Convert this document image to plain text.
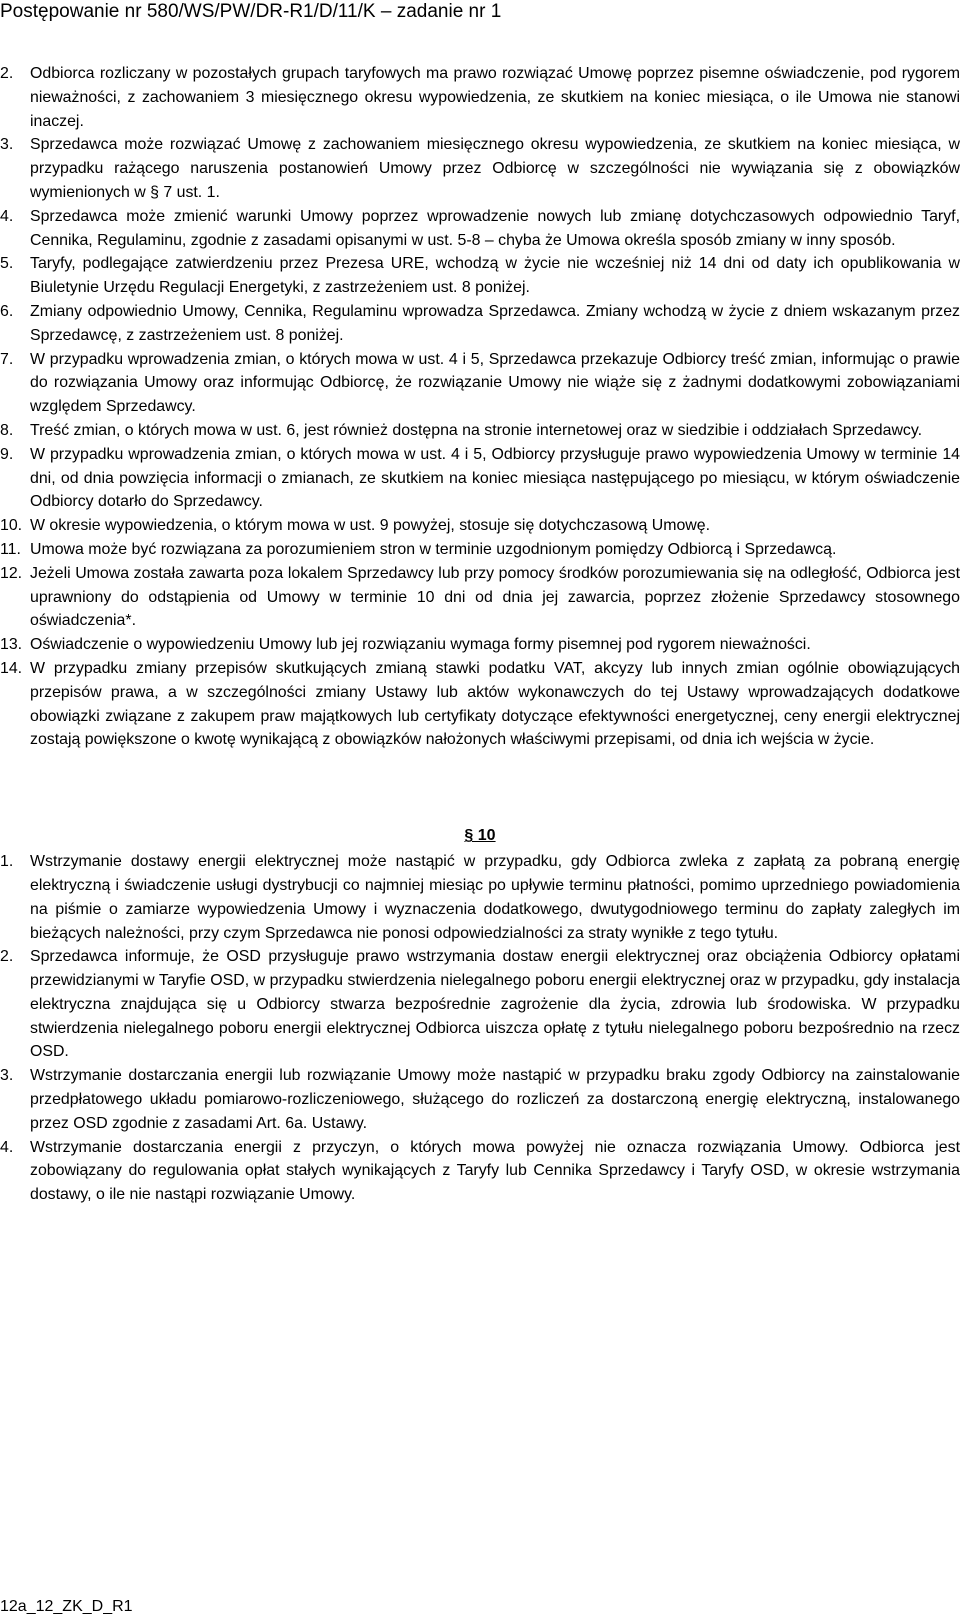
Postępowanie nr 580/WS/PW/DR-R1/D/11/K – zadanie nr 1
2.	Odbiorca rozliczany w pozostałych grupach taryfowych ma prawo rozwiązać Umowę poprzez pisemne oświadczenie, pod rygorem nieważności, z zachowaniem 3 miesięcznego okresu wypowiedzenia, ze skutkiem na koniec miesiąca, o ile Umowa nie stanowi inaczej.
3.	Sprzedawca może rozwiązać Umowę z zachowaniem miesięcznego okresu wypowiedzenia, ze skutkiem na koniec miesiąca, w przypadku rażącego naruszenia postanowień Umowy przez Odbiorcę w szczególności nie wywiązania się z obowiązków wymienionych w § 7 ust. 1.
4.	Sprzedawca może zmienić warunki Umowy poprzez wprowadzenie nowych lub zmianę dotychczasowych odpowiednio Taryf, Cennika, Regulaminu, zgodnie z zasadami opisanymi w ust. 5-8 – chyba że Umowa określa sposób zmiany w inny sposób.
5.	Taryfy, podlegające zatwierdzeniu przez Prezesa URE, wchodzą w życie nie wcześniej niż 14 dni od daty ich opublikowania w Biuletynie Urzędu Regulacji Energetyki, z zastrzeżeniem ust. 8 poniżej.
6.	Zmiany odpowiednio Umowy, Cennika, Regulaminu wprowadza Sprzedawca. Zmiany wchodzą w życie z dniem wskazanym przez Sprzedawcę, z zastrzeżeniem ust. 8 poniżej.
7.	W przypadku wprowadzenia zmian, o których mowa w ust. 4 i 5, Sprzedawca przekazuje Odbiorcy treść zmian, informując o prawie do rozwiązania Umowy oraz informując Odbiorcę, że rozwiązanie Umowy nie wiąże się z żadnymi dodatkowymi zobowiązaniami względem Sprzedawcy.
8.	Treść zmian, o których mowa w ust. 6, jest również dostępna na stronie internetowej oraz w siedzibie i oddziałach Sprzedawcy.
9.	W przypadku wprowadzenia zmian, o których mowa w ust. 4 i 5, Odbiorcy przysługuje prawo wypowiedzenia Umowy w terminie 14 dni, od dnia powzięcia informacji o zmianach, ze skutkiem na koniec miesiąca następującego po miesiącu, w którym oświadczenie Odbiorcy dotarło do Sprzedawcy.
10. W okresie wypowiedzenia, o którym mowa w ust. 9 powyżej, stosuje się dotychczasową Umowę.
11. Umowa może być rozwiązana za porozumieniem stron w terminie uzgodnionym pomiędzy Odbiorcą i Sprzedawcą.
12. Jeżeli Umowa została zawarta poza lokalem Sprzedawcy lub przy pomocy środków porozumiewania się na odległość, Odbiorca jest uprawniony do odstąpienia od Umowy w terminie 10 dni od dnia jej zawarcia, poprzez złożenie Sprzedawcy stosownego oświadczenia*.
13. Oświadczenie o wypowiedzeniu Umowy lub jej rozwiązaniu wymaga formy pisemnej pod rygorem nieważności.
14. W przypadku zmiany przepisów skutkujących zmianą stawki podatku VAT, akcyzy lub innych zmian ogólnie obowiązujących przepisów prawa, a w szczególności zmiany Ustawy lub aktów wykonawczych do tej Ustawy wprowadzających dodatkowe obowiązki związane z zakupem praw majątkowych lub certyfikaty dotyczące efektywności energetycznej, ceny energii elektrycznej zostają powiększone o kwotę wynikającą z obowiązków nałożonych właściwymi przepisami, od dnia ich wejścia w życie.
§ 10
1.	Wstrzymanie dostawy energii elektrycznej może nastąpić w przypadku, gdy Odbiorca zwleka z zapłatą za pobraną energię elektryczną i świadczenie usługi dystrybucji co najmniej miesiąc po upływie terminu płatności, pomimo uprzedniego powiadomienia na piśmie o zamiarze wypowiedzenia Umowy i wyznaczenia dodatkowego, dwutygodniowego terminu do zapłaty zaległych im bieżących należności, przy czym Sprzedawca nie ponosi odpowiedzialności za straty wynikłe z tego tytułu.
2.	Sprzedawca informuje, że OSD przysługuje prawo wstrzymania dostaw energii elektrycznej oraz obciążenia Odbiorcy opłatami przewidzianymi w Taryfie OSD, w przypadku stwierdzenia nielegalnego poboru energii elektrycznej oraz w przypadku, gdy instalacja elektryczna znajdująca się u Odbiorcy stwarza bezpośrednie zagrożenie dla życia, zdrowia lub środowiska. W przypadku stwierdzenia nielegalnego poboru energii elektrycznej Odbiorca uiszcza opłatę z tytułu nielegalnego poboru bezpośrednio na rzecz OSD.
3.	Wstrzymanie dostarczania energii lub rozwiązanie Umowy może nastąpić w przypadku braku zgody Odbiorcy na zainstalowanie przedpłatowego układu pomiarowo-rozliczeniowego, służącego do rozliczeń za dostarczoną energię elektryczną, instalowanego przez OSD zgodnie z zasadami Art. 6a. Ustawy.
4.	Wstrzymanie dostarczania energii z przyczyn, o których mowa powyżej nie oznacza rozwiązania Umowy. Odbiorca jest zobowiązany do regulowania opłat stałych wynikających z Taryfy lub Cennika Sprzedawcy i Taryfy OSD, w okresie wstrzymania dostawy, o ile nie nastąpi rozwiązanie Umowy.
12a_12_ZK_D_R1
